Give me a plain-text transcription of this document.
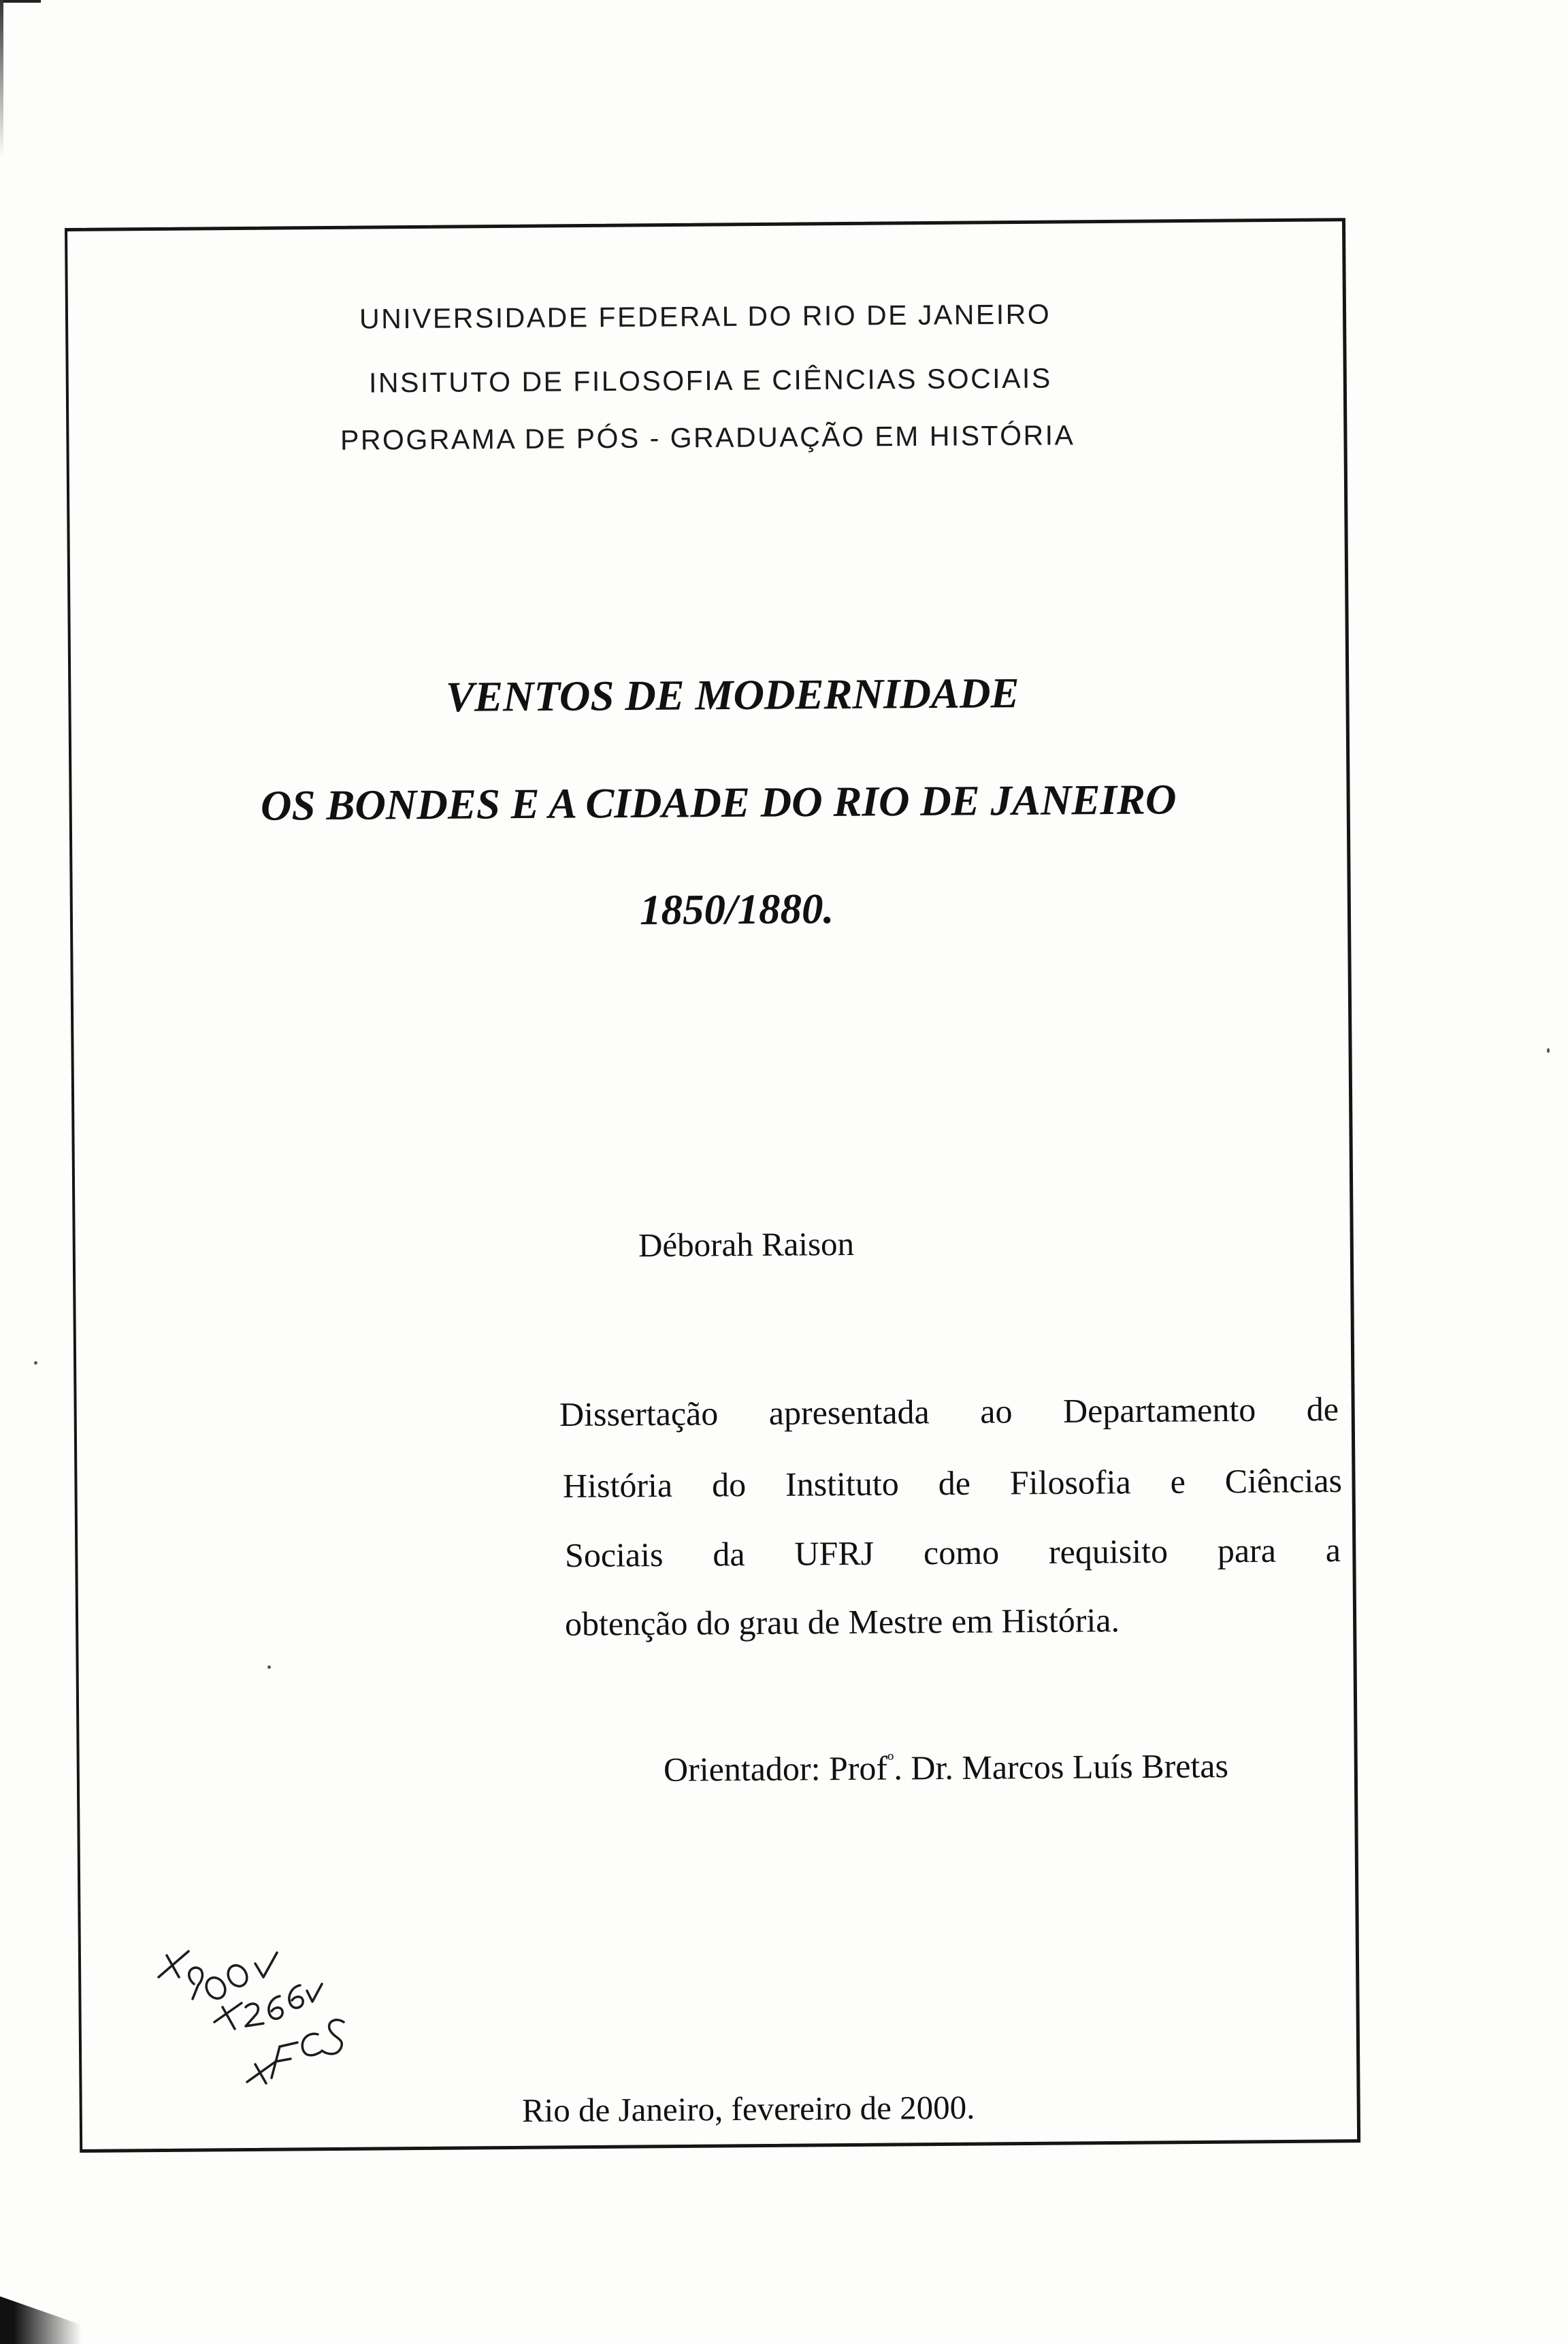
UNIVERSIDADE FEDERAL DO RIO DE JANEIRO
INSITUTO DE FILOSOFIA E CIÊNCIAS SOCIAIS
PROGRAMA DE PÓS - GRADUAÇÃO EM HISTÓRIA
VENTOS DE MODERNIDADE
OS BONDES E A CIDADE DO RIO DE JANEIRO
1850/1880.
Déborah Raison
Dissertação apresentada ao Departamento de
História do Instituto de Filosofia e Ciências
Sociais da UFRJ como requisito para a
obtenção do grau de Mestre em História.
Orientador: Prof$^º$. Dr. Marcos Luís Bretas
Rio de Janeiro, fevereiro de 2000.
